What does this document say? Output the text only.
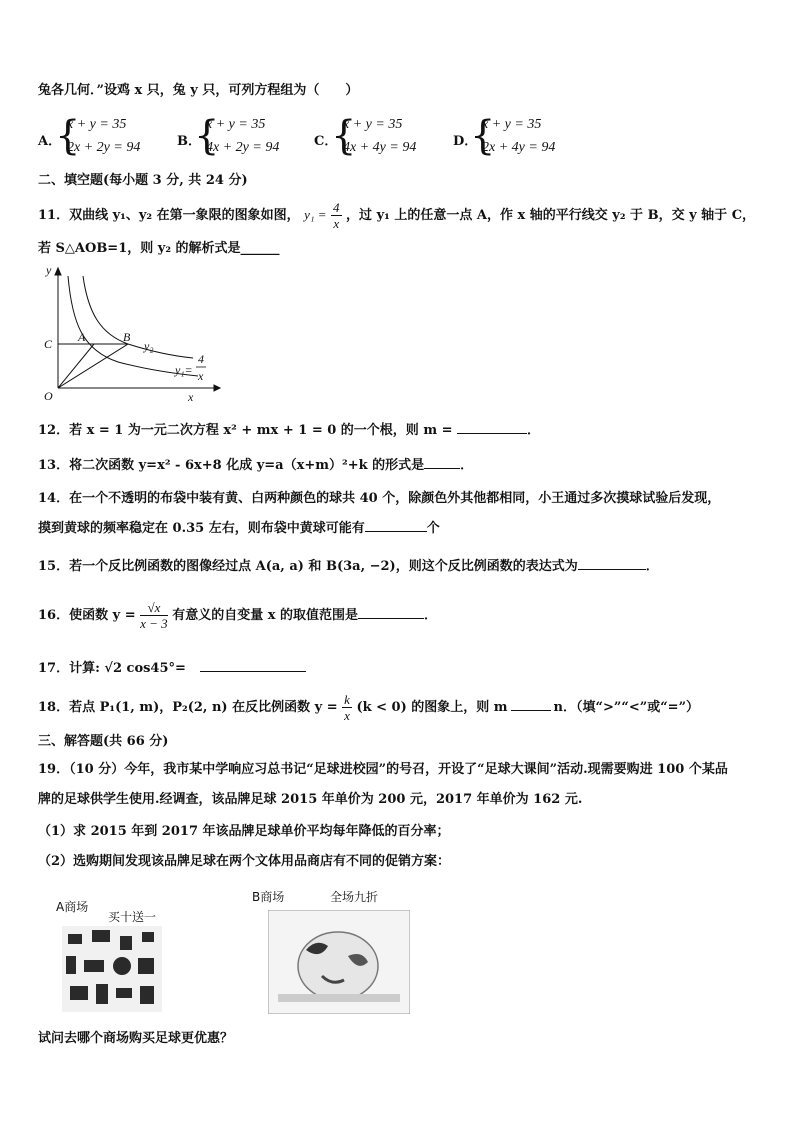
兔各几何．”设鸡 x 只，兔 y 只，可列方程组为（　　）
A．
{
x + y = 35
2x + 2y = 94	B．
{
x + y = 35
4x + 2y = 94	C．
{
x + y = 35
4x + 4y = 94	D．
{
x + y = 35
2x + 4y = 94
二、填空题(每小题 3 分, 共 24 分)
11．双曲线 y₁、y₂ 在第一象限的图象如图， $y_1 = \frac{4}{x}$ ，过 y₁ 上的任意一点 A，作 x 轴的平行线交 y₂ 于 B，交 y 轴于 C，
若 S△AOB=1，则 y₂ 的解析式是______
y
x
O
C A	B
y₂
y₁=
4
x
12．若 x = 1 为一元二次方程 x² + mx + 1 = 0 的一个根，则 m =	．
13．将二次函数 y=x² - 6x+8 化成 y=a（x+m）²+k 的形式是	．
14．在一个不透明的布袋中装有黄、白两种颜色的球共 40 个，除颜色外其他都相同，小王通过多次摸球试验后发现，
摸到黄球的频率稳定在 0.35 左右，则布袋中黄球可能有	个
15．若一个反比例函数的图像经过点 A(a, a) 和 B(3a, −2)，则这个反比例函数的表达式为	．
16．使函数 $y = \frac{√x}{x - 3}$ 有意义的自变量 x 的取值范围是	．
17．计算: √2 cos45°=
18．若点 P₁(1, m)，P₂(2, n) 在反比例函数 $y = \frac{k}{x} (k < 0)$ 的图象上，则 m	n．（填“>”“<”或“=”）
三、解答题(共 66 分)
19．（10 分）今年，我市某中学响应习总书记“足球进校园”的号召，开设了“足球大课间”活动.现需要购进 100 个某品
牌的足球供学生使用.经调查，该品牌足球 2015 年单价为 200 元，2017 年单价为 162 元.
（1）求 2015 年到 2017 年该品牌足球单价平均每年降低的百分率；
（2）选购期间发现该品牌足球在两个文体用品商店有不同的促销方案：
A商场
买十送一
B商场	全场九折
试问去哪个商场购买足球更优惠？
